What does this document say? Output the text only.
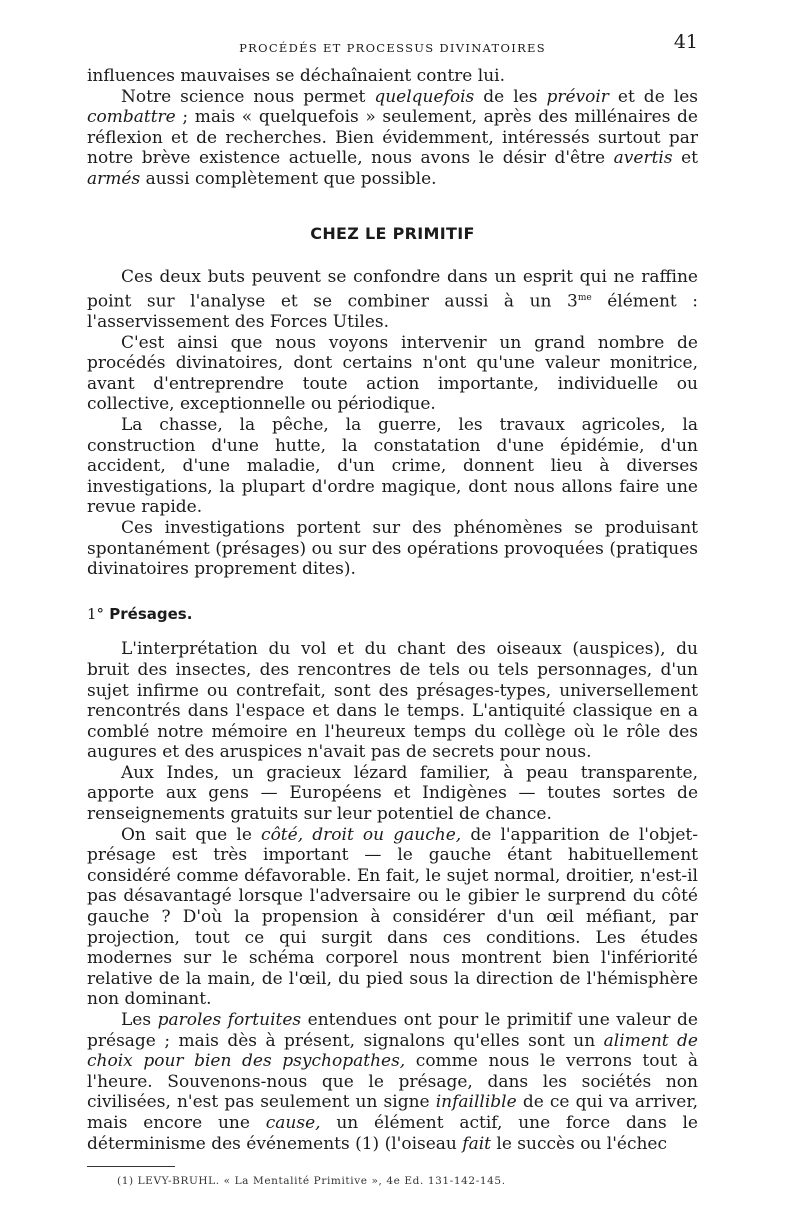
PROCÉDÉS ET PROCESSUS DIVINATOIRES	41

influences mauvaises se déchaînaient contre lui.

Notre science nous permet quelquefois de les prévoir et de les combattre ; mais « quelquefois » seulement, après des millénaires de réflexion et de recherches. Bien évidemment, intéressés surtout par notre brève existence actuelle, nous avons le désir d'être avertis et armés aussi complètement que possible.

CHEZ LE PRIMITIF

Ces deux buts peuvent se confondre dans un esprit qui ne raffine point sur l'analyse et se combiner aussi à un $3^{me}$ élément : l'asservissement des Forces Utiles.

C'est ainsi que nous voyons intervenir un grand nombre de procédés divinatoires, dont certains n'ont qu'une valeur monitrice, avant d'entreprendre toute action importante, individuelle ou collective, exceptionnelle ou périodique.

La chasse, la pêche, la guerre, les travaux agricoles, la construction d'une hutte, la constatation d'une épidémie, d'un accident, d'une maladie, d'un crime, donnent lieu à diverses investigations, la plupart d'ordre magique, dont nous allons faire une revue rapide.

Ces investigations portent sur des phénomènes se produisant spontanément (présages) ou sur des opérations provoquées (pratiques divinatoires proprement dites).

1° Présages.

L'interprétation du vol et du chant des oiseaux (auspices), du bruit des insectes, des rencontres de tels ou tels personnages, d'un sujet infirme ou contrefait, sont des présages-types, universellement rencontrés dans l'espace et dans le temps. L'antiquité classique en a comblé notre mémoire en l'heureux temps du collège où le rôle des augures et des aruspices n'avait pas de secrets pour nous.

Aux Indes, un gracieux lézard familier, à peau transparente, apporte aux gens — Européens et Indigènes — toutes sortes de renseignements gratuits sur leur potentiel de chance.

On sait que le côté, droit ou gauche, de l'apparition de l'objet-présage est très important — le gauche étant habituellement considéré comme défavorable. En fait, le sujet normal, droitier, n'est-il pas désavantagé lorsque l'adversaire ou le gibier le surprend du côté gauche ? D'où la propension à considérer d'un œil méfiant, par projection, tout ce qui surgit dans ces conditions. Les études modernes sur le schéma corporel nous montrent bien l'infériorité relative de la main, de l'œil, du pied sous la direction de l'hémisphère non dominant.

Les paroles fortuites entendues ont pour le primitif une valeur de présage ; mais dès à présent, signalons qu'elles sont un aliment de choix pour bien des psychopathes, comme nous le verrons tout à l'heure. Souvenons-nous que le présage, dans les sociétés non civilisées, n'est pas seulement un signe infaillible de ce qui va arriver, mais encore une cause, un élément actif, une force dans le déterminisme des événements (1) (l'oiseau fait le succès ou l'échec

(1) LEVY-BRUHL. « La Mentalité Primitive », 4e Ed. 131-142-145.
